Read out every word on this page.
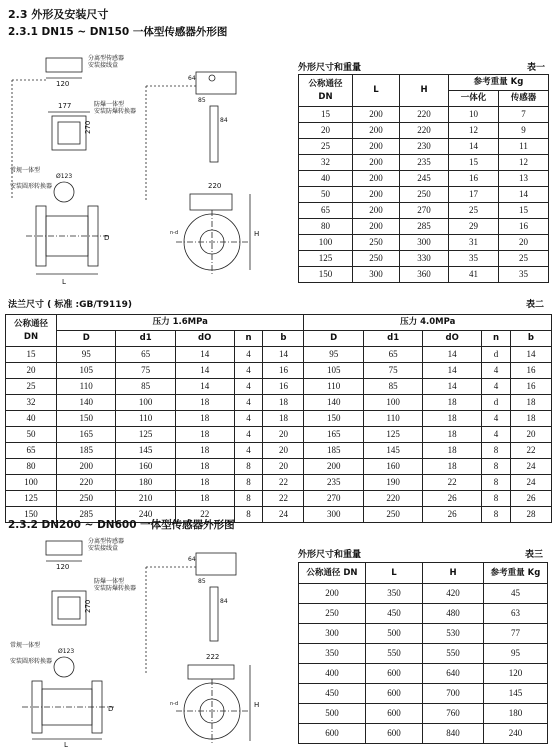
2.3 外形及安装尺寸
2.3.1 DN15 ~ DN150 一体型传感器外形图
120
分离型传感器 安装接线盒
177
270
防爆一体型 安装防爆转换器
Ø123
常规一体型
安装圆形转换器
L
D
64
85
84
220
H
n-d
外形尺寸和重量	表一
公称通径
DN	L	H	参考重量 Kg	
			一体化	传感器
15	200	220	10	7
20	200	220	12	9
25	200	230	14	11
32	200	235	15	12
40	200	245	16	13
50	200	250	17	14
65	200	270	25	15
80	200	285	29	16
100	250	300	31	20
125	250	330	35	25
150	300	360	41	35
法兰尺寸 ( 标准 :GB/T9119)	表二
公称通径
DN	压力 1.6MPa					压力 4.0MPa				
	D	d1	dO	n	b	D	d1	dO	n	b
15	95	65	14	4	14	95	65	14	d	14
20	105	75	14	4	16	105	75	14	4	16
25	110	85	14	4	16	110	85	14	4	16
32	140	100	18	4	18	140	100	18	d	18
40	150	110	18	4	18	150	110	18	4	18
50	165	125	18	4	20	165	125	18	4	20
65	185	145	18	4	20	185	145	18	8	22
80	200	160	18	8	20	200	160	18	8	24
100	220	180	18	8	22	235	190	22	8	24
125	250	210	18	8	22	270	220	26	8	26
150	285	240	22	8	24	300	250	26	8	28
2.3.2 DN200 ~ DN600 一体型传感器外形图
120
分离型传感器 安装接线盒
270
防爆一体型 安装防爆转换器
Ø123
常规一体型
安装圆形转换器
L
D
64
85
84
222
H
n-d
外形尺寸和重量	表三
公称通径 DN	L	H	参考重量 Kg
200	350	420	45
250	450	480	63
300	500	530	77
350	550	550	95
400	600	640	120
450	600	700	145
500	600	760	180
600	600	840	240
